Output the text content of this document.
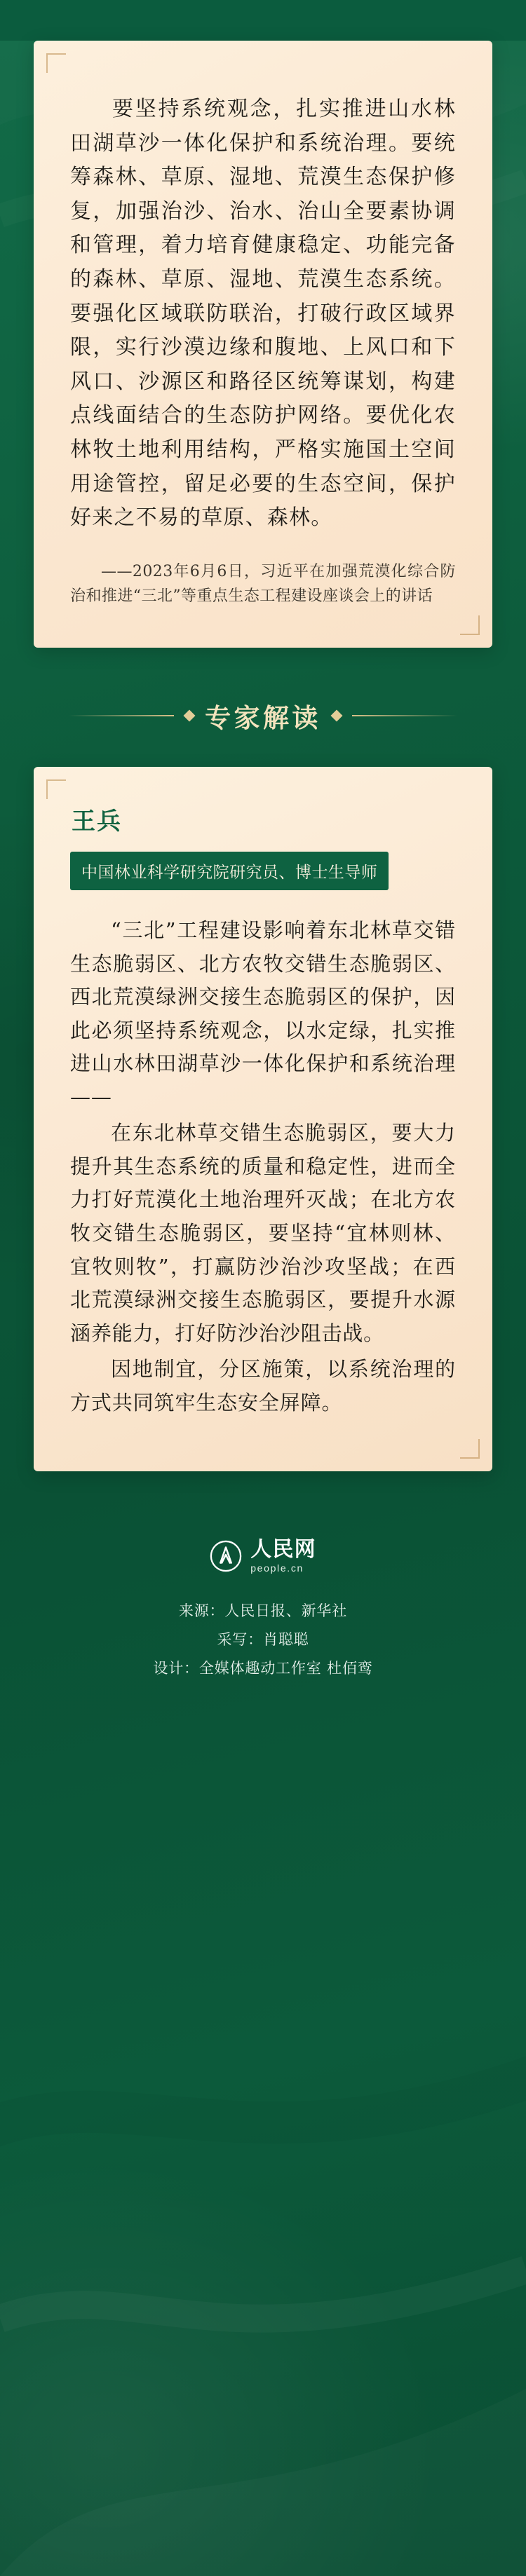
要坚持系统观念，扎实推进山水林田湖草沙一体化保护和系统治理。要统筹森林、草原、湿地、荒漠生态保护修复，加强治沙、治水、治山全要素协调和管理，着力培育健康稳定、功能完备的森林、草原、湿地、荒漠生态系统。要强化区域联防联治，打破行政区域界限，实行沙漠边缘和腹地、上风口和下风口、沙源区和路径区统筹谋划，构建点线面结合的生态防护网络。要优化农林牧土地利用结构，严格实施国土空间用途管控，留足必要的生态空间，保护好来之不易的草原、森林。

——2023年6月6日，习近平在加强荒漠化综合防治和推进“三北”等重点生态工程建设座谈会上的讲话
专家解读
王兵
中国林业科学研究院研究员、博士生导师

“三北”工程建设影响着东北林草交错生态脆弱区、北方农牧交错生态脆弱区、西北荒漠绿洲交接生态脆弱区的保护，因此必须坚持系统观念，以水定绿，扎实推进山水林田湖草沙一体化保护和系统治理——

在东北林草交错生态脆弱区，要大力提升其生态系统的质量和稳定性，进而全力打好荒漠化土地治理歼灭战；在北方农牧交错生态脆弱区，要坚持“宜林则林、宜牧则牧”，打赢防沙治沙攻坚战；在西北荒漠绿洲交接生态脆弱区，要提升水源涵养能力，打好防沙治沙阻击战。

因地制宜，分区施策，以系统治理的方式共同筑牢生态安全屏障。

人民网
people.cn
来源：人民日报、新华社
采写：肖聪聪
设计：全媒体趣动工作室 杜佰鸾
